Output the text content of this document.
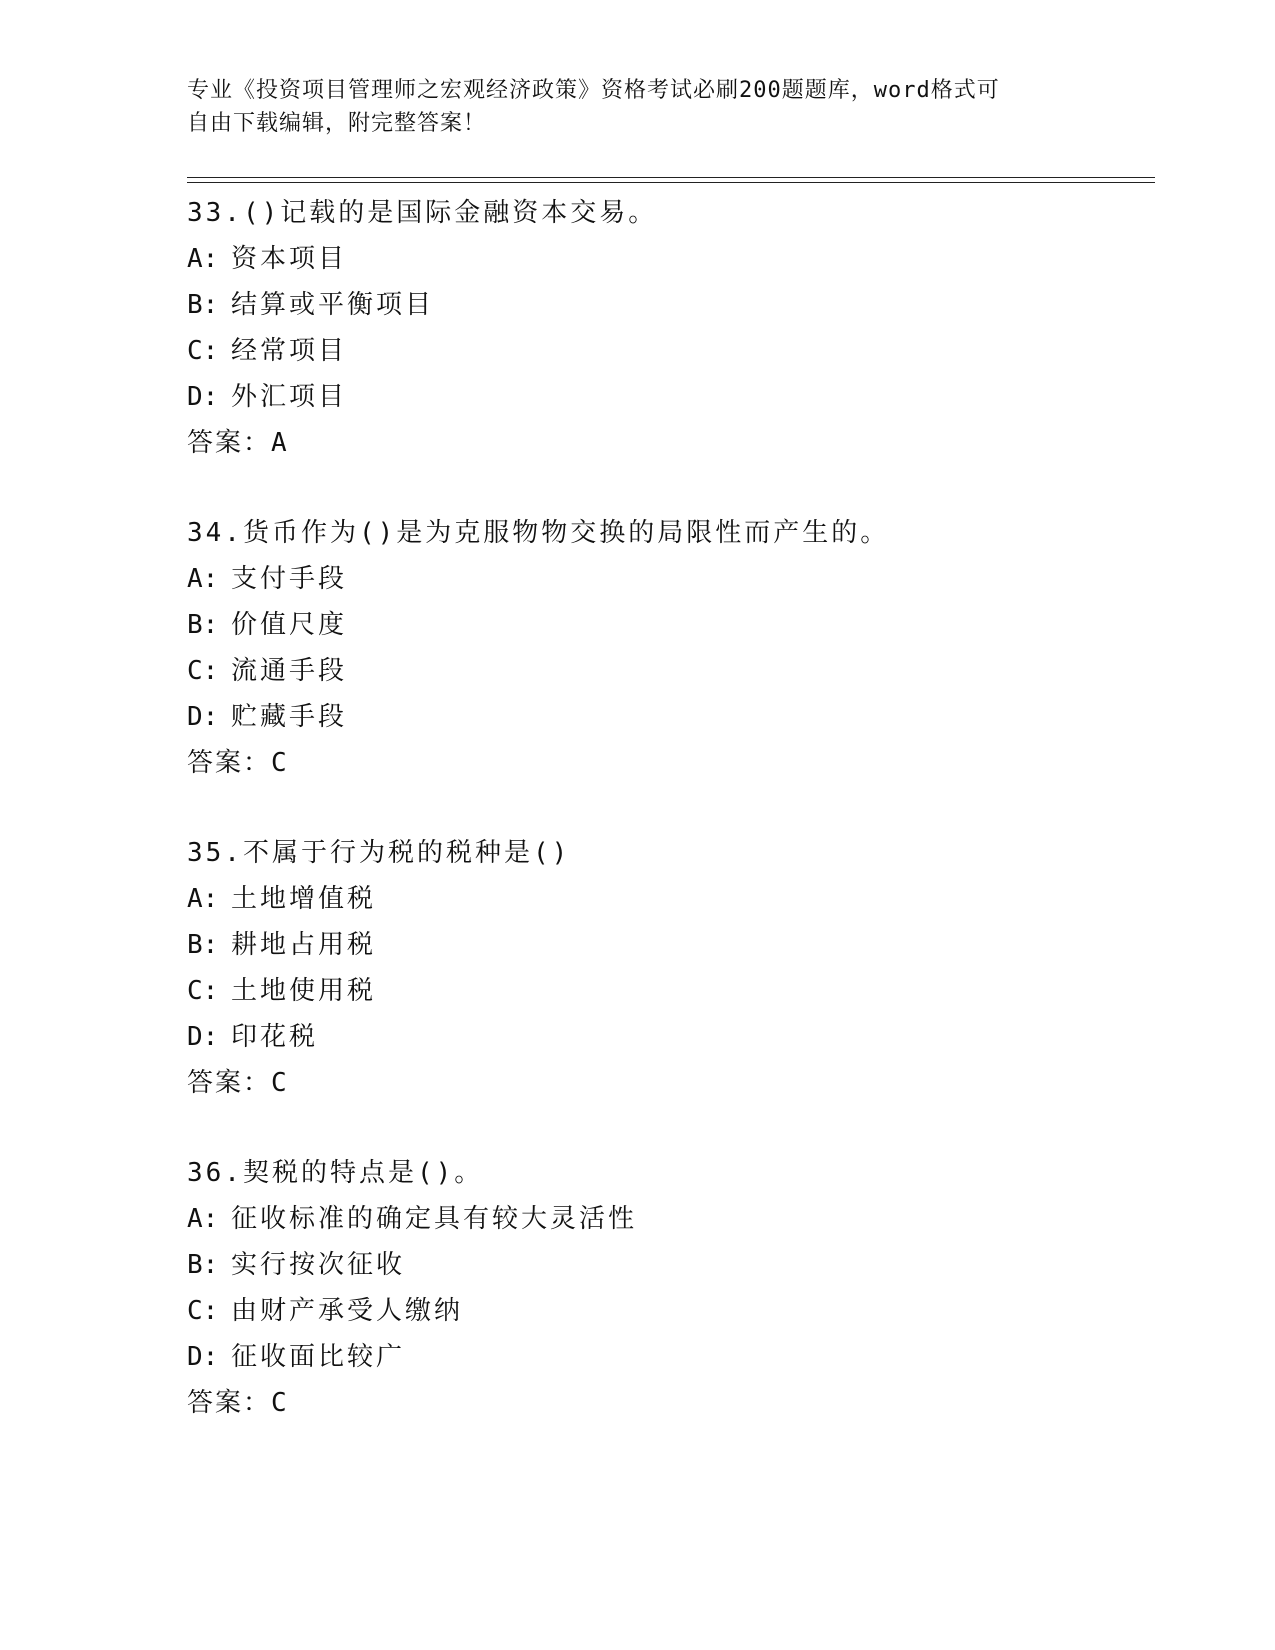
专业《投资项目管理师之宏观经济政策》资格考试必刷200题题库，word格式可
自由下载编辑，附完整答案！
33.()记载的是国际金融资本交易。
A: 资本项目
B: 结算或平衡项目
C: 经常项目
D: 外汇项目
答案：A
34.货币作为()是为克服物物交换的局限性而产生的。
A: 支付手段
B: 价值尺度
C: 流通手段
D: 贮藏手段
答案：C
35.不属于行为税的税种是()
A: 土地增值税
B: 耕地占用税
C: 土地使用税
D: 印花税
答案：C
36.契税的特点是()。
A: 征收标准的确定具有较大灵活性
B: 实行按次征收
C: 由财产承受人缴纳
D: 征收面比较广
答案：C
